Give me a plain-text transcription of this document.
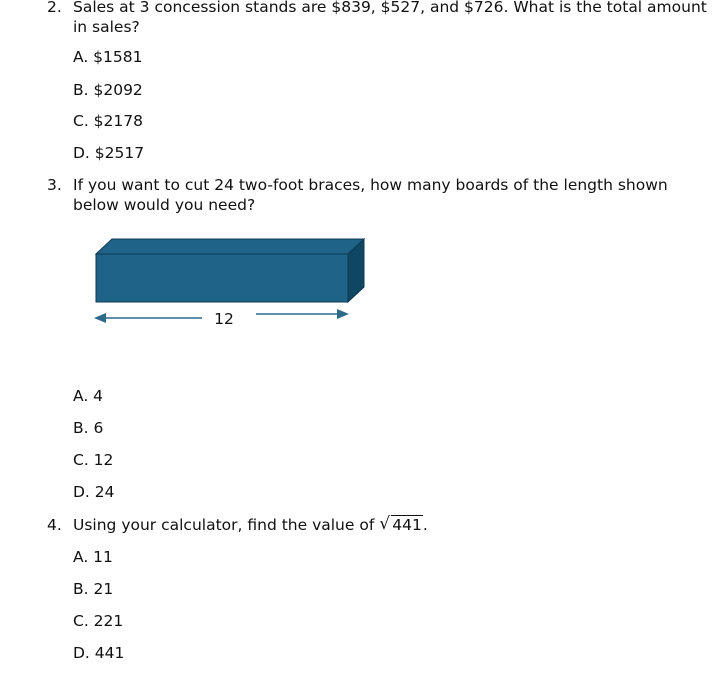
2. Sales at 3 concession stands are $839, $527, and $726. What is the total amount in sales?
A. $1581
B. $2092
C. $2178
D. $2517
3. If you want to cut 24 two-foot braces, how many boards of the length shown below would you need?
12
A. 4
B. 6
C. 12
D. 24
4. Using your calculator, find the value of √ 441.
A. 11
B. 21
C. 221
D. 441
